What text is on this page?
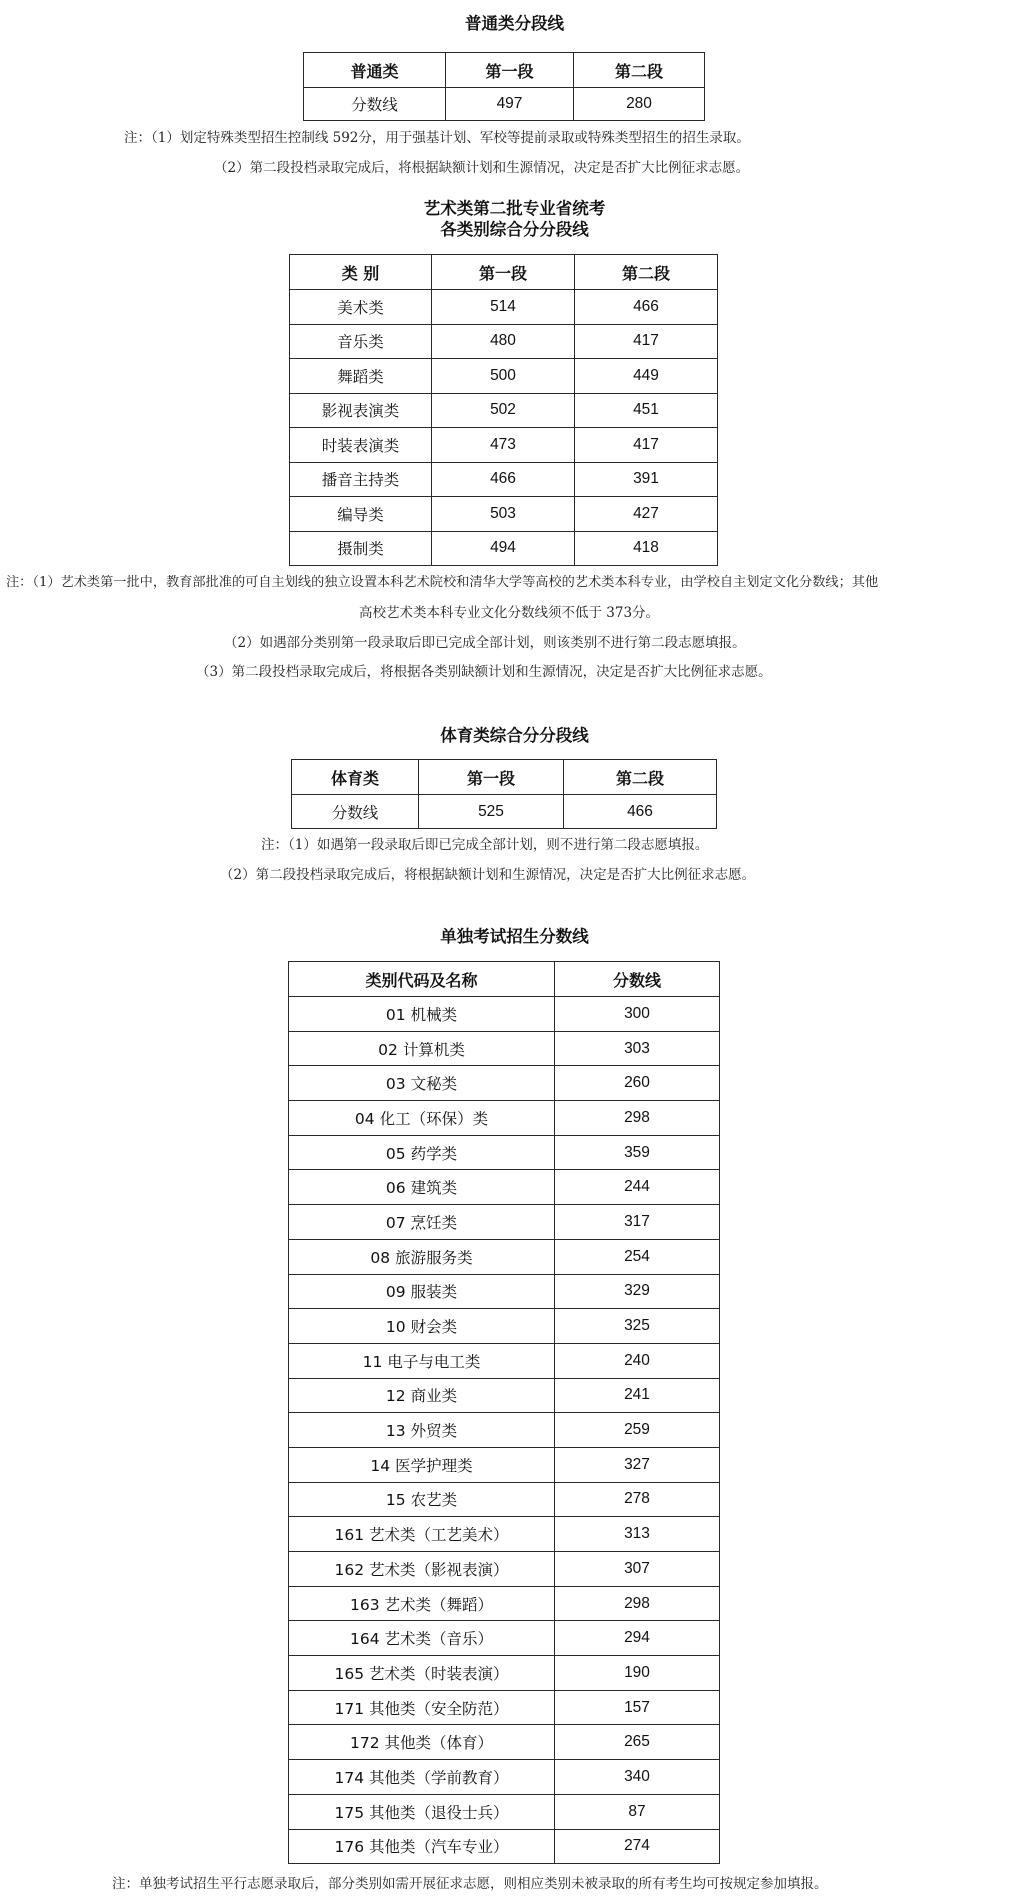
普通类分段线
普通类	第一段	第二段
分数线	497	280
注：（1）划定特殊类型招生控制线 592分，用于强基计划、军校等提前录取或特殊类型招生的招生录取。
（2）第二段投档录取完成后，将根据缺额计划和生源情况，决定是否扩大比例征求志愿。
艺术类第二批专业省统考
各类别综合分分段线
类 别	第一段	第二段
美术类	514	466
音乐类	480	417
舞蹈类	500	449
影视表演类	502	451
时装表演类	473	417
播音主持类	466	391
编导类	503	427
摄制类	494	418
注：（1）艺术类第一批中，教育部批准的可自主划线的独立设置本科艺术院校和清华大学等高校的艺术类本科专业，由学校自主划定文化分数线；其他
高校艺术类本科专业文化分数线须不低于 373分。
（2）如遇部分类别第一段录取后即已完成全部计划，则该类别不进行第二段志愿填报。
（3）第二段投档录取完成后，将根据各类别缺额计划和生源情况，决定是否扩大比例征求志愿。
体育类综合分分段线
体育类	第一段	第二段
分数线	525	466
注：（1）如遇第一段录取后即已完成全部计划，则不进行第二段志愿填报。
（2）第二段投档录取完成后，将根据缺额计划和生源情况，决定是否扩大比例征求志愿。
单独考试招生分数线
类别代码及名称	分数线
01 机械类	300
02 计算机类	303
03 文秘类	260
04 化工（环保）类	298
05 药学类	359
06 建筑类	244
07 烹饪类	317
08 旅游服务类	254
09 服装类	329
10 财会类	325
11 电子与电工类	240
12 商业类	241
13 外贸类	259
14 医学护理类	327
15 农艺类	278
161 艺术类（工艺美术）	313
162 艺术类（影视表演）	307
163 艺术类（舞蹈）	298
164 艺术类（音乐）	294
165 艺术类（时装表演）	190
171 其他类（安全防范）	157
172 其他类（体育）	265
174 其他类（学前教育）	340
175 其他类（退役士兵）	87
176 其他类（汽车专业）	274
注：单独考试招生平行志愿录取后，部分类别如需开展征求志愿，则相应类别未被录取的所有考生均可按规定参加填报。
